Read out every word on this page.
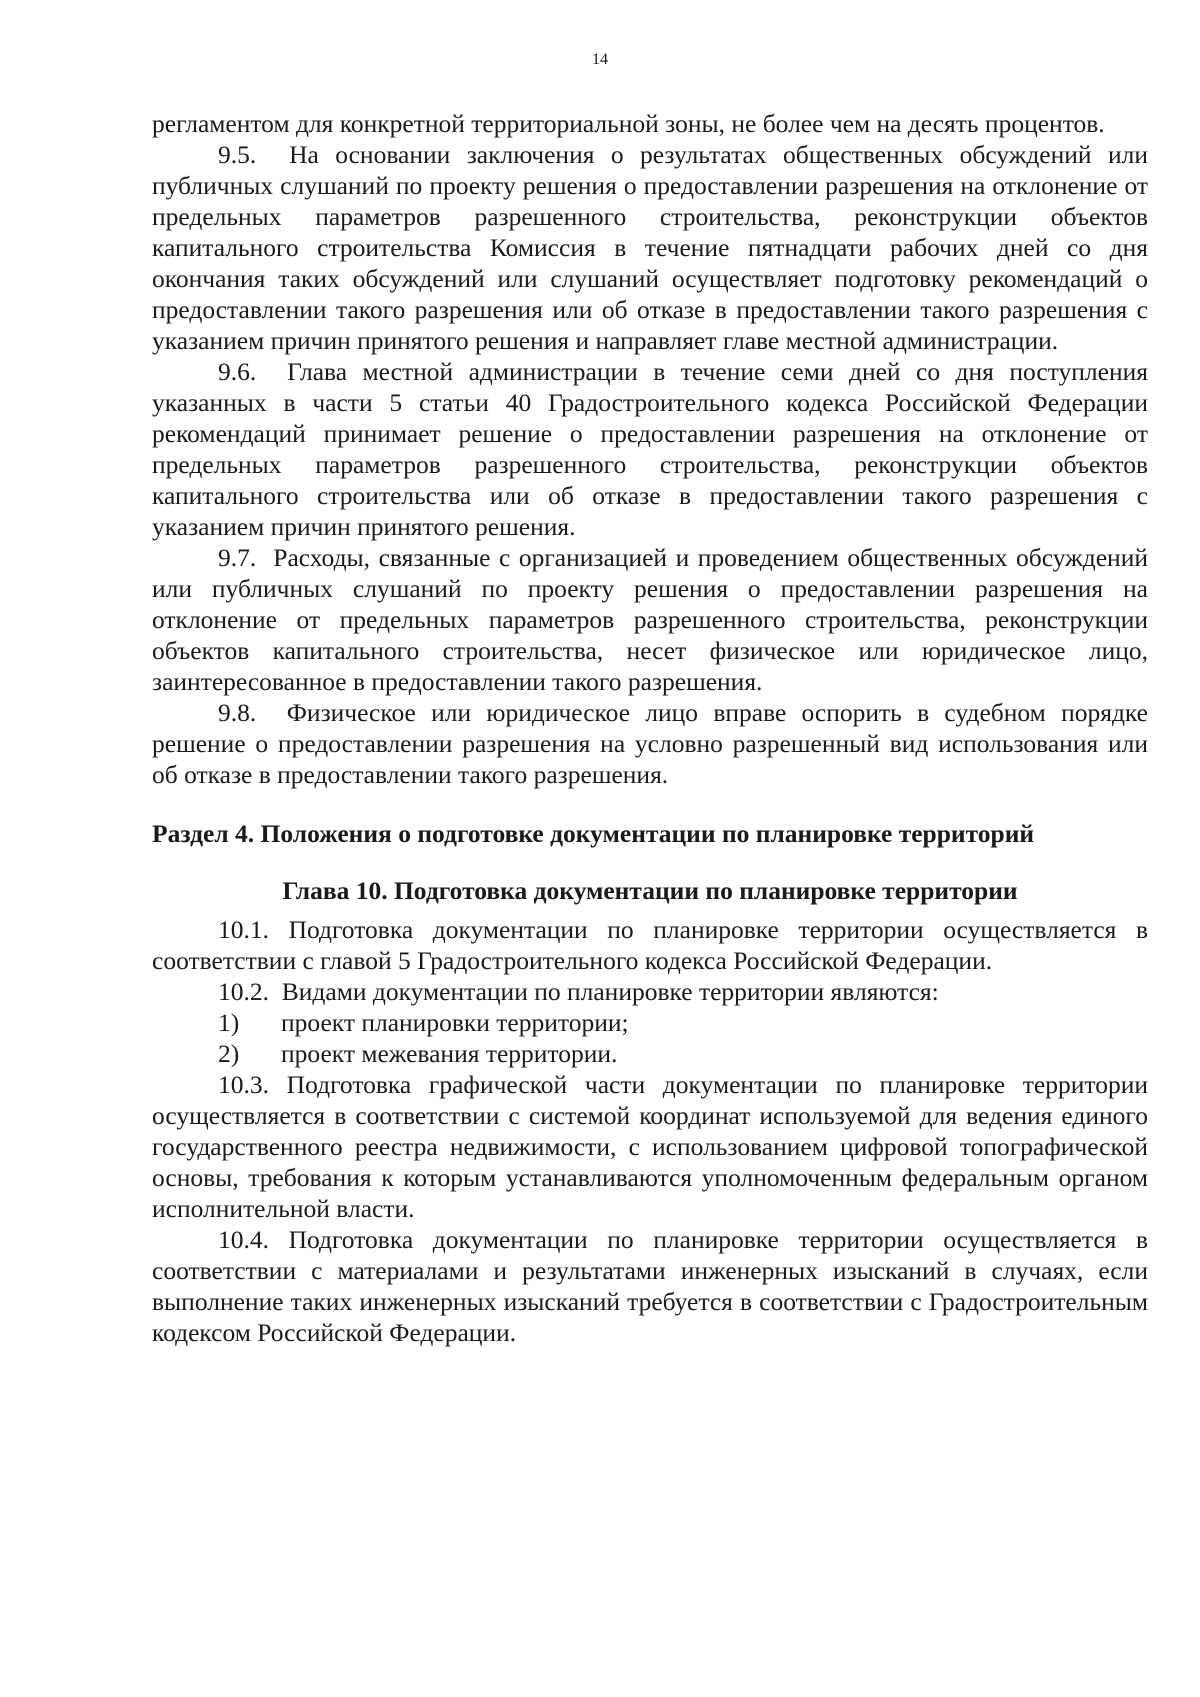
14

регламентом для конкретной территориальной зоны, не более чем на десять процентов.

9.5.  На основании заключения о результатах общественных обсуждений или публичных слушаний по проекту решения о предоставлении разрешения на отклонение от предельных параметров разрешенного строительства, реконструкции объектов капитального строительства Комиссия в течение пятнадцати рабочих дней со дня окончания таких обсуждений или слушаний осуществляет подготовку рекомендаций о предоставлении такого разрешения или об отказе в предоставлении такого разрешения с указанием причин принятого решения и направляет главе местной администрации.

9.6.  Глава местной администрации в течение семи дней со дня поступления указанных в части 5 статьи 40 Градостроительного кодекса Российской Федерации рекомендаций принимает решение о предоставлении разрешения на отклонение от предельных параметров разрешенного строительства, реконструкции объектов капитального строительства или об отказе в предоставлении такого разрешения с указанием причин принятого решения.

9.7.  Расходы, связанные с организацией и проведением общественных обсуждений или публичных слушаний по проекту решения о предоставлении разрешения на отклонение от предельных параметров разрешенного строительства, реконструкции объектов капитального строительства, несет физическое или юридическое лицо, заинтересованное в предоставлении такого разрешения.

9.8.  Физическое или юридическое лицо вправе оспорить в судебном порядке решение о предоставлении разрешения на условно разрешенный вид использования или об отказе в предоставлении такого разрешения.

Раздел 4. Положения о подготовке документации по планировке территорий
Глава 10. Подготовка документации по планировке территории

10.1. Подготовка документации по планировке территории осуществляется в соответствии с главой 5 Градостроительного кодекса Российской Федерации.

10.2.  Видами документации по планировке территории являются:

1)	проект планировки территории;
2)	проект межевания территории.

10.3. Подготовка графической части документации по планировке территории осуществляется в соответствии с системой координат используемой для ведения единого государственного реестра недвижимости, с использованием цифровой топографической основы, требования к которым устанавливаются уполномоченным федеральным органом исполнительной власти.

10.4. Подготовка документации по планировке территории осуществляется в соответствии с материалами и результатами инженерных изысканий в случаях, если выполнение таких инженерных изысканий требуется в соответствии с Градостроительным кодексом Российской Федерации.
